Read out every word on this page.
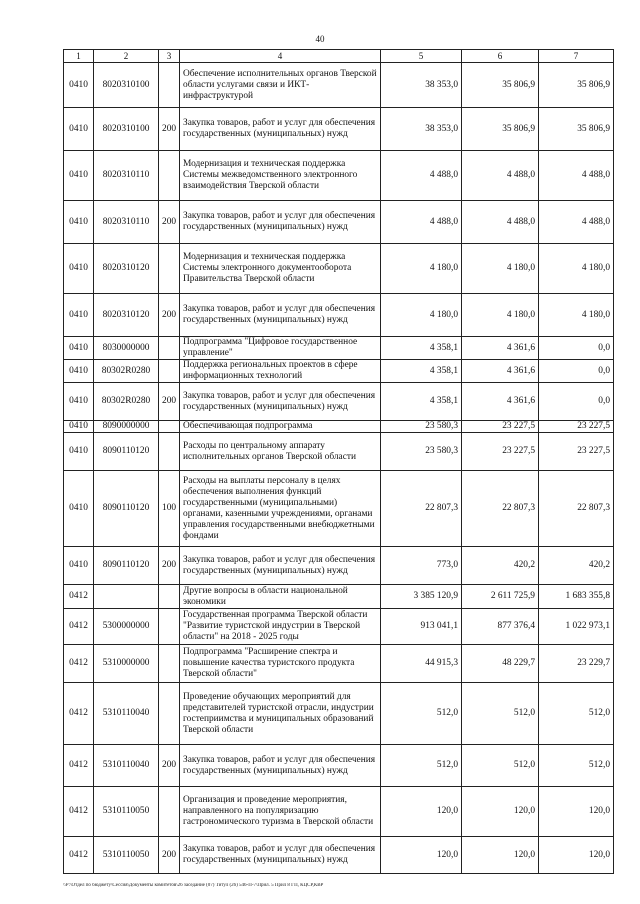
40
1	2	3	4	5	6	7
0410	8020310100		Обеспечение исполнительных органов Тверской области услугами связи и ИКТ-инфраструктурой	38 353,0	35 806,9	35 806,9
0410	8020310100	200	Закупка товаров, работ и услуг для обеспечения государственных (муниципальных) нужд	38 353,0	35 806,9	35 806,9
0410	8020310110		Модернизация и техническая поддержка Системы межведомственного электронного взаимодействия Тверской области	4 488,0	4 488,0	4 488,0
0410	8020310110	200	Закупка товаров, работ и услуг для обеспечения государственных (муниципальных) нужд	4 488,0	4 488,0	4 488,0
0410	8020310120		Модернизация и техническая поддержка Системы электронного документооборота Правительства Тверской области	4 180,0	4 180,0	4 180,0
0410	8020310120	200	Закупка товаров, работ и услуг для обеспечения государственных (муниципальных) нужд	4 180,0	4 180,0	4 180,0
0410	8030000000		Подпрограмма "Цифровое государственное управление"	4 358,1	4 361,6	0,0
0410	80302R0280		Поддержка региональных проектов в сфере информационных технологий	4 358,1	4 361,6	0,0
0410	80302R0280	200	Закупка товаров, работ и услуг для обеспечения государственных (муниципальных) нужд	4 358,1	4 361,6	0,0
0410	8090000000		Обеспечивающая подпрограмма	23 580,3	23 227,5	23 227,5
0410	8090110120		Расходы по центральному аппарату исполнительных органов Тверской области	23 580,3	23 227,5	23 227,5
0410	8090110120	100	Расходы на выплаты персоналу в целях обеспечения выполнения функций государственными (муниципальными) органами, казенными учреждениями, органами управления государственными внебюджетными фондами	22 807,3	22 807,3	22 807,3
0410	8090110120	200	Закупка товаров, работ и услуг для обеспечения государственных (муниципальных) нужд	773,0	420,2	420,2
0412			Другие вопросы в области национальной экономики	3 385 120,9	2 611 725,9	1 683 355,8
0412	5300000000		Государственная программа Тверской области "Развитие туристской индустрии в Тверской области" на 2018 - 2025 годы	913 041,1	877 376,4	1 022 973,1
0412	5310000000		Подпрограмма "Расширение спектра и повышение качества туристского продукта Тверской области"	44 915,3	48 229,7	23 229,7
0412	5310110040		Проведение обучающих мероприятий для представителей туристской отрасли, индустрии гостеприимства и муниципальных образований Тверской области	512,0	512,0	512,0
0412	5310110040	200	Закупка товаров, работ и услуг для обеспечения государственных (муниципальных) нужд	512,0	512,0	512,0
0412	5310110050		Организация и проведение мероприятия, направленного на популяризацию гастрономического туризма в Тверской области	120,0	120,0	120,0
0412	5310110050	200	Закупка товаров, работ и услуг для обеспечения государственных (муниципальных) нужд	120,0	120,0	120,0
\\Р:\Отдел по бюджету\Сессия\Документы комитетов\26 заседание (07) Титул (26) 546-П-7\Прил. 5 Прил 8 ГП, КЦСР,КВР
